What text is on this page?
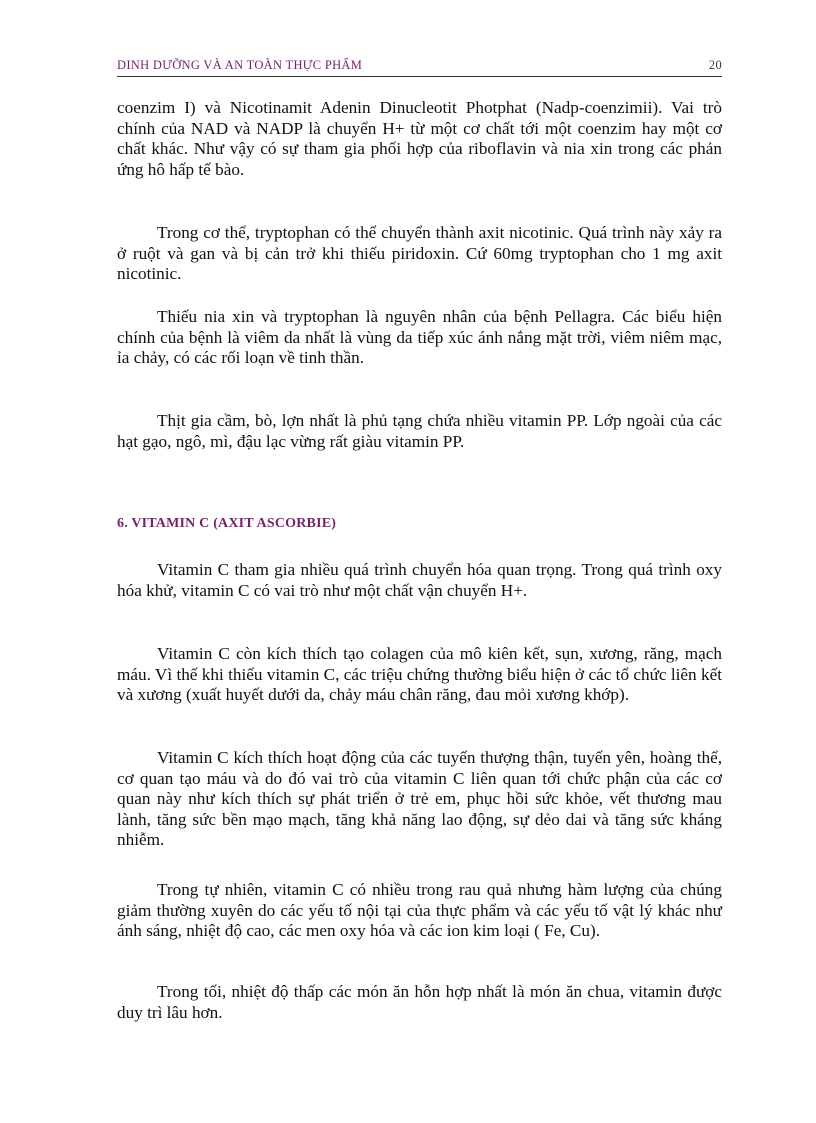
DINH DƯỠNG VÀ AN TOÀN THỰC PHẨM	20

coenzim I) và Nicotinamit Adenin Dinucleotit Photphat (Nadp-coenzimii). Vai trò chính của NAD và NADP là chuyển H+ từ một cơ chất tới một coenzim hay một cơ chất khác. Như vậy có sự tham gia phối hợp của riboflavin và nia xin trong các phản ứng hô hấp tế bào.

Trong cơ thể, tryptophan có thể chuyển thành axit nicotinic. Quá trình này xảy ra ở ruột và gan và bị cản trở khi thiếu piridoxin. Cứ 60mg tryptophan cho 1 mg axit nicotinic.

Thiếu nia xin và tryptophan là nguyên nhân của bệnh Pellagra. Các biểu hiện chính của bệnh là viêm da nhất là vùng da tiếp xúc ánh nắng mặt trời, viêm niêm mạc, ỉa chảy, có các rối loạn về tinh thần.

Thịt gia cầm, bò, lợn nhất là phủ tạng chứa nhiều vitamin PP. Lớp ngoài của các hạt gạo, ngô, mì, đậu lạc vừng rất giàu vitamin PP.

6. VITAMIN C (AXIT ASCORBIE)

Vitamin C tham gia nhiều quá trình chuyển hóa quan trọng. Trong quá trình oxy hóa khử, vitamin C có vai trò như một chất vận chuyển H+.

Vitamin C còn kích thích tạo colagen của mô kiên kết, sụn, xương, răng, mạch máu. Vì thế khi thiếu vitamin C, các triệu chứng thường biểu hiện ở các tổ chức liên kết và xương (xuất huyết dưới da, chảy máu chân răng, đau mỏi xương khớp).

Vitamin C kích thích hoạt động của các tuyến thượng thận, tuyến yên, hoàng thể, cơ quan tạo máu và do đó vai trò của vitamin C liên quan tới chức phận của các cơ quan này như kích thích sự phát triển ở trẻ em, phục hồi sức khỏe, vết thương mau lành, tăng sức bền mạo mạch, tăng khả năng lao động, sự dẻo dai và tăng sức kháng nhiễm.

Trong tự nhiên, vitamin C có nhiều trong rau quả nhưng hàm lượng của chúng giảm thường xuyên do các yếu tố nội tại của thực phẩm và các yếu tố vật lý khác như ánh sáng, nhiệt độ cao, các men oxy hóa và các ion kim loại ( Fe, Cu).

Trong tối, nhiệt độ thấp các món ăn hỗn hợp nhất là món ăn chua, vitamin được duy trì lâu hơn.
